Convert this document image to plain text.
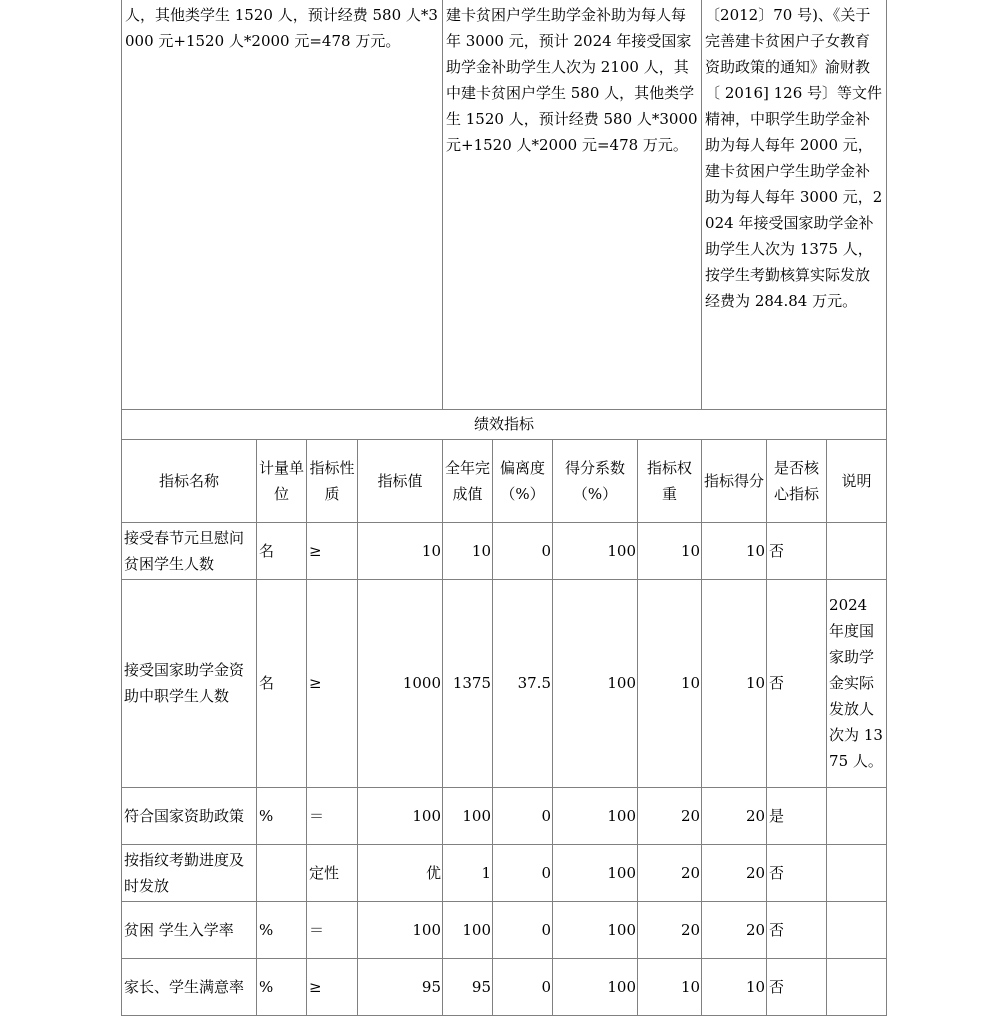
人，其他类学生 1520 人，预计经费 580 人*3000 元+1520 人*2000 元=478 万元。				建卡贫困户学生助学金补助为每人每年 3000 元，预计 2024 年接受国家助学金补助学生人次为 2100 人，其中建卡贫困户学生 580 人，其他类学生 1520 人，预计经费 580 人*3000 元+1520 人*2000 元=478 万元。				〔2012〕70 号)、《关于完善建卡贫困户子女教育资助政策的通知》渝财教〔 2016] 126 号〕等文件精神，中职学生助学金补助为每人每年 2000 元，建卡贫困户学生助学金补助为每人每年 3000 元，2024 年接受国家助学金补助学生人次为 1375 人，按学生考勤核算实际发放经费为 284.84 万元。		
绩效指标										
指标名称	计量单位	指标性质	指标值	全年完成值	偏离度（%）	得分系数（%）	指标权重	指标得分	是否核心指标	说明
接受春节元旦慰问贫困学生人数	名	≥	10	10	0	100	10	10	否	
接受国家助学金资助中职学生人数	名	≥	1000	1375	37.5	100	10	10	否	2024 年度国家助学金实际发放人次为 1375 人。
符合国家资助政策	%	＝	100	100	0	100	20	20	是	
按指纹考勤进度及时发放		定性	优	1	0	100	20	20	否	
贫困 学生入学率	%	＝	100	100	0	100	20	20	否	
家长、学生满意率	%	≥	95	95	0	100	10	10	否	
